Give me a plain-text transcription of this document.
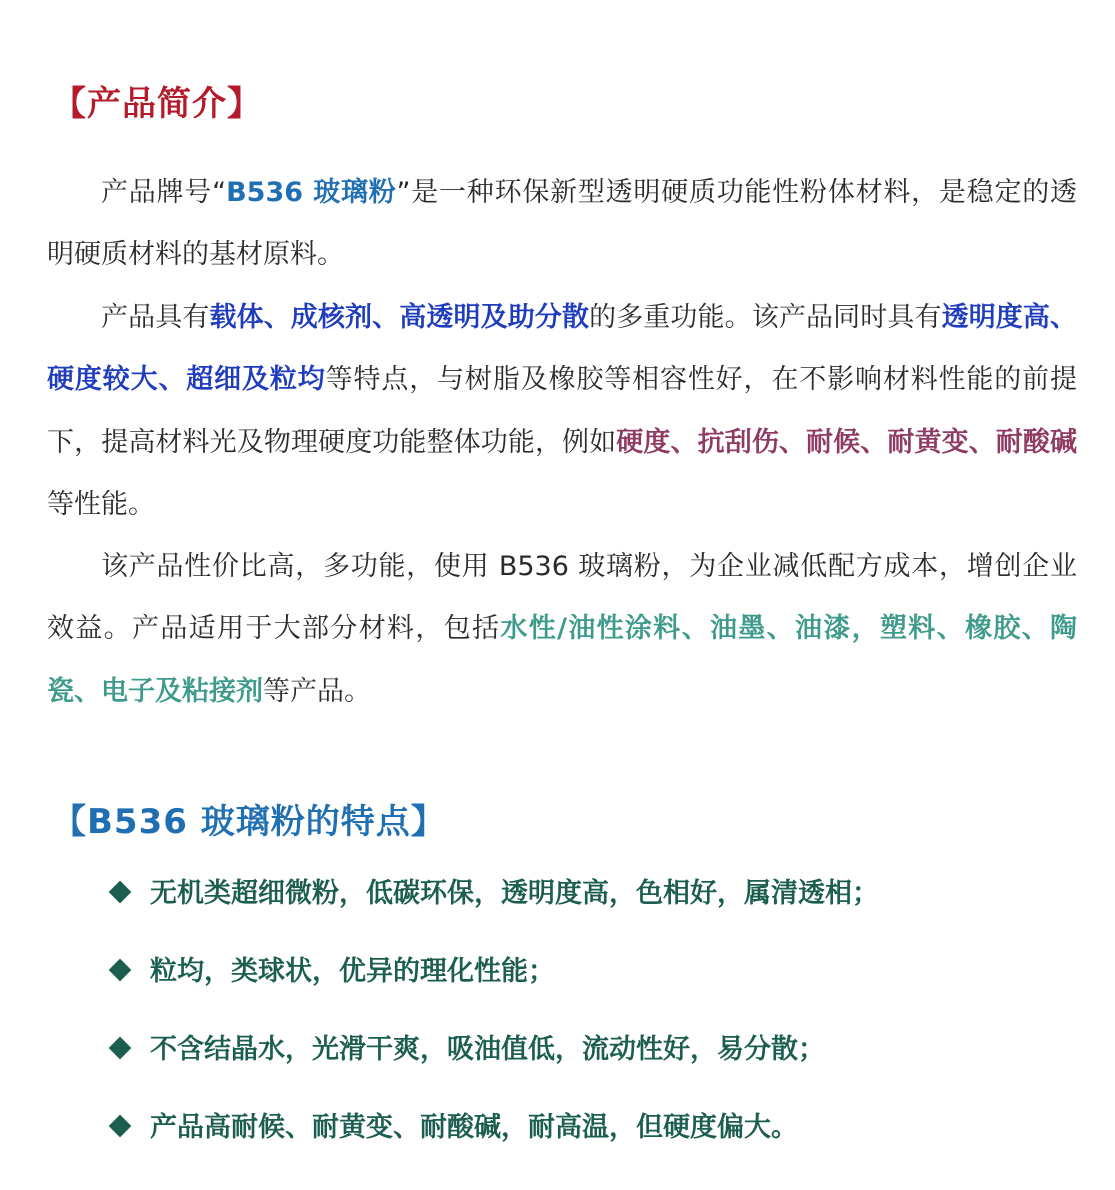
【产品简介】

产品牌号“B536 玻璃粉”是一种环保新型透明硬质功能性粉体材料，是稳定的透明硬质材料的基材原料。

产品具有载体、成核剂、高透明及助分散的多重功能。该产品同时具有透明度高、硬度较大、超细及粒均等特点，与树脂及橡胶等相容性好，在不影响材料性能的前提下，提高材料光及物理硬度功能整体功能，例如硬度、抗刮伤、耐候、耐黄变、耐酸碱等性能。

该产品性价比高，多功能，使用 B536 玻璃粉，为企业减低配方成本，增创企业效益。产品适用于大部分材料，包括水性/油性涂料、油墨、油漆，塑料、橡胶、陶瓷、电子及粘接剂等产品。

【B536 玻璃粉的特点】
无机类超细微粉，低碳环保，透明度高，色相好，属清透相；
粒均，类球状，优异的理化性能；
不含结晶水，光滑干爽，吸油值低，流动性好，易分散；
产品高耐候、耐黄变、耐酸碱，耐高温，但硬度偏大。
